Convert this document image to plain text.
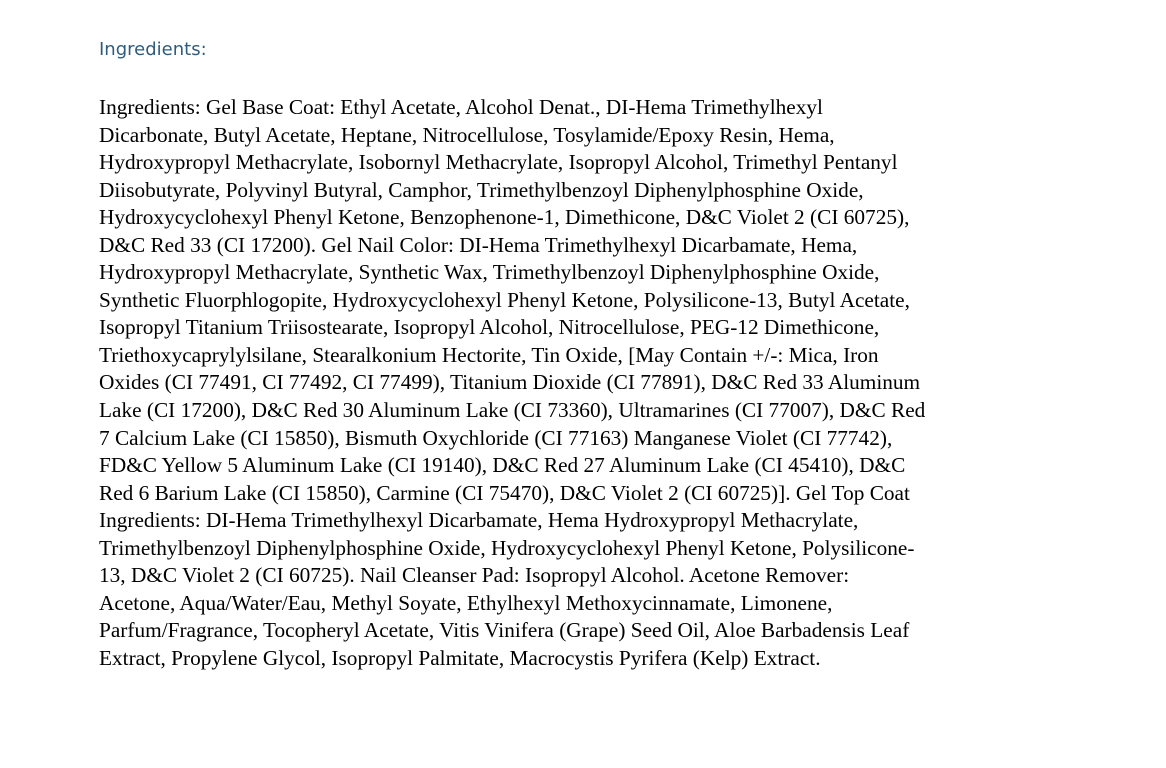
Ingredients:

Ingredients: Gel Base Coat: Ethyl Acetate, Alcohol Denat., DI-Hema Trimethylhexyl
Dicarbonate, Butyl Acetate, Heptane, Nitrocellulose, Tosylamide/Epoxy Resin, Hema,
Hydroxypropyl Methacrylate, Isobornyl Methacrylate, Isopropyl Alcohol, Trimethyl Pentanyl
Diisobutyrate, Polyvinyl Butyral, Camphor, Trimethylbenzoyl Diphenylphosphine Oxide,
Hydroxycyclohexyl Phenyl Ketone, Benzophenone-1, Dimethicone, D&C Violet 2 (CI 60725),
D&C Red 33 (CI 17200). Gel Nail Color: DI-Hema Trimethylhexyl Dicarbamate, Hema,
Hydroxypropyl Methacrylate, Synthetic Wax, Trimethylbenzoyl Diphenylphosphine Oxide,
Synthetic Fluorphlogopite, Hydroxycyclohexyl Phenyl Ketone, Polysilicone-13, Butyl Acetate,
Isopropyl Titanium Triisostearate, Isopropyl Alcohol, Nitrocellulose, PEG-12 Dimethicone,
Triethoxycaprylylsilane, Stearalkonium Hectorite, Tin Oxide, [May Contain +/-: Mica, Iron
Oxides (CI 77491, CI 77492, CI 77499), Titanium Dioxide (CI 77891), D&C Red 33 Aluminum
Lake (CI 17200), D&C Red 30 Aluminum Lake (CI 73360), Ultramarines (CI 77007), D&C Red
7 Calcium Lake (CI 15850), Bismuth Oxychloride (CI 77163) Manganese Violet (CI 77742),
FD&C Yellow 5 Aluminum Lake (CI 19140), D&C Red 27 Aluminum Lake (CI 45410), D&C
Red 6 Barium Lake (CI 15850), Carmine (CI 75470), D&C Violet 2 (CI 60725)]. Gel Top Coat
Ingredients: DI-Hema Trimethylhexyl Dicarbamate, Hema Hydroxypropyl Methacrylate,
Trimethylbenzoyl Diphenylphosphine Oxide, Hydroxycyclohexyl Phenyl Ketone, Polysilicone-
13, D&C Violet 2 (CI 60725). Nail Cleanser Pad: Isopropyl Alcohol. Acetone Remover:
Acetone, Aqua/Water/Eau, Methyl Soyate, Ethylhexyl Methoxycinnamate, Limonene,
Parfum/Fragrance, Tocopheryl Acetate, Vitis Vinifera (Grape) Seed Oil, Aloe Barbadensis Leaf
Extract, Propylene Glycol, Isopropyl Palmitate, Macrocystis Pyrifera (Kelp) Extract.
